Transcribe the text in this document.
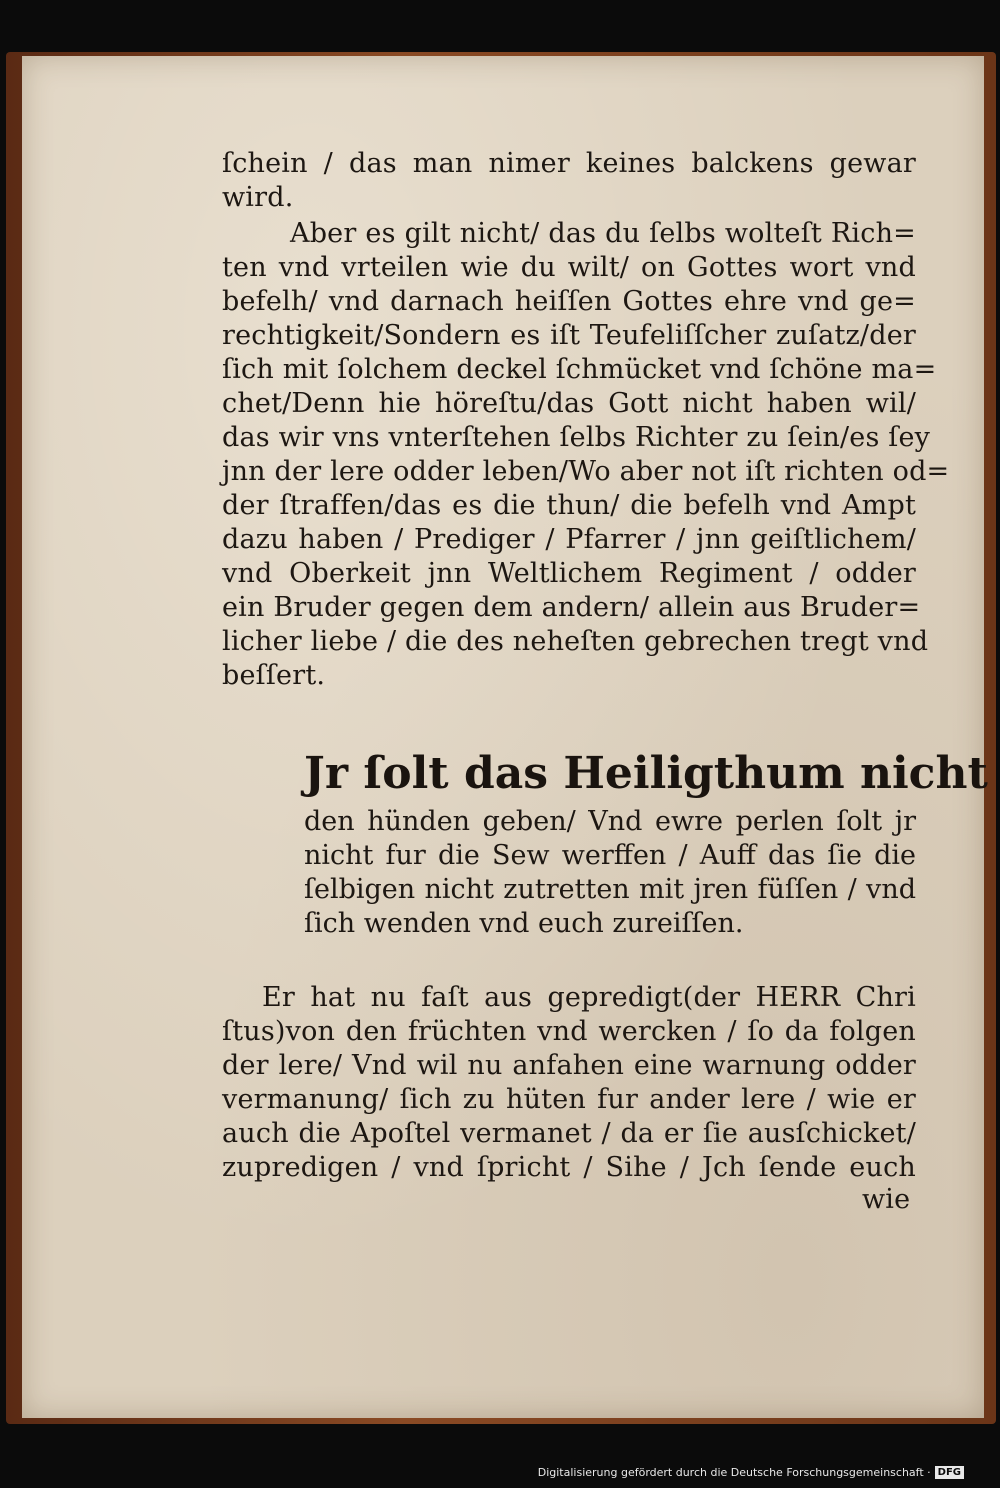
ſchein / das man nimer keines balckens gewar
wird.
Aber es gilt nicht/ das du ſelbs wolteſt Rich=
ten vnd vrteilen wie du wilt/ on Gottes wort vnd
befelh/ vnd darnach heiſſen Gottes ehre vnd ge=
rechtigkeit/Sondern es iſt Teufeliſſcher zuſatz/der
ſich mit ſolchem deckel ſchmücket vnd ſchöne ma=
chet/Denn hie höreſtu/das Gott nicht haben wil/
das wir vns vnterſtehen ſelbs Richter zu ſein/es ſey
jnn der lere odder leben/Wo aber not iſt richten od=
der ſtraffen/das es die thun/ die befelh vnd Ampt
dazu haben / Prediger / Pfarrer / jnn geiſtlichem/
vnd Oberkeit jnn Weltlichem Regiment / odder
ein Bruder gegen dem andern/ allein aus Bruder=
licher liebe / die des neheſten gebrechen tregt vnd
beſſert.
Jr ſolt das Heiligthum nicht
den hünden geben/ Vnd ewre perlen ſolt jr
nicht fur die Sew werffen / Auff das ſie die
ſelbigen nicht zutretten mit jren füſſen / vnd
ſich wenden vnd euch zureiſſen.
Er hat nu faſt aus gepredigt(der HERR Chri
ſtus)von den früchten vnd wercken / ſo da folgen
der lere/ Vnd wil nu anfahen eine warnung odder
vermanung/ ſich zu hüten fur ander lere / wie er
auch die Apoſtel vermanet / da er ſie ausſchicket/
zupredigen / vnd ſpricht / Sihe / Jch ſende euch
wie
Digitalisierung gefördert durch die Deutsche Forschungsgemeinschaft · DFG
